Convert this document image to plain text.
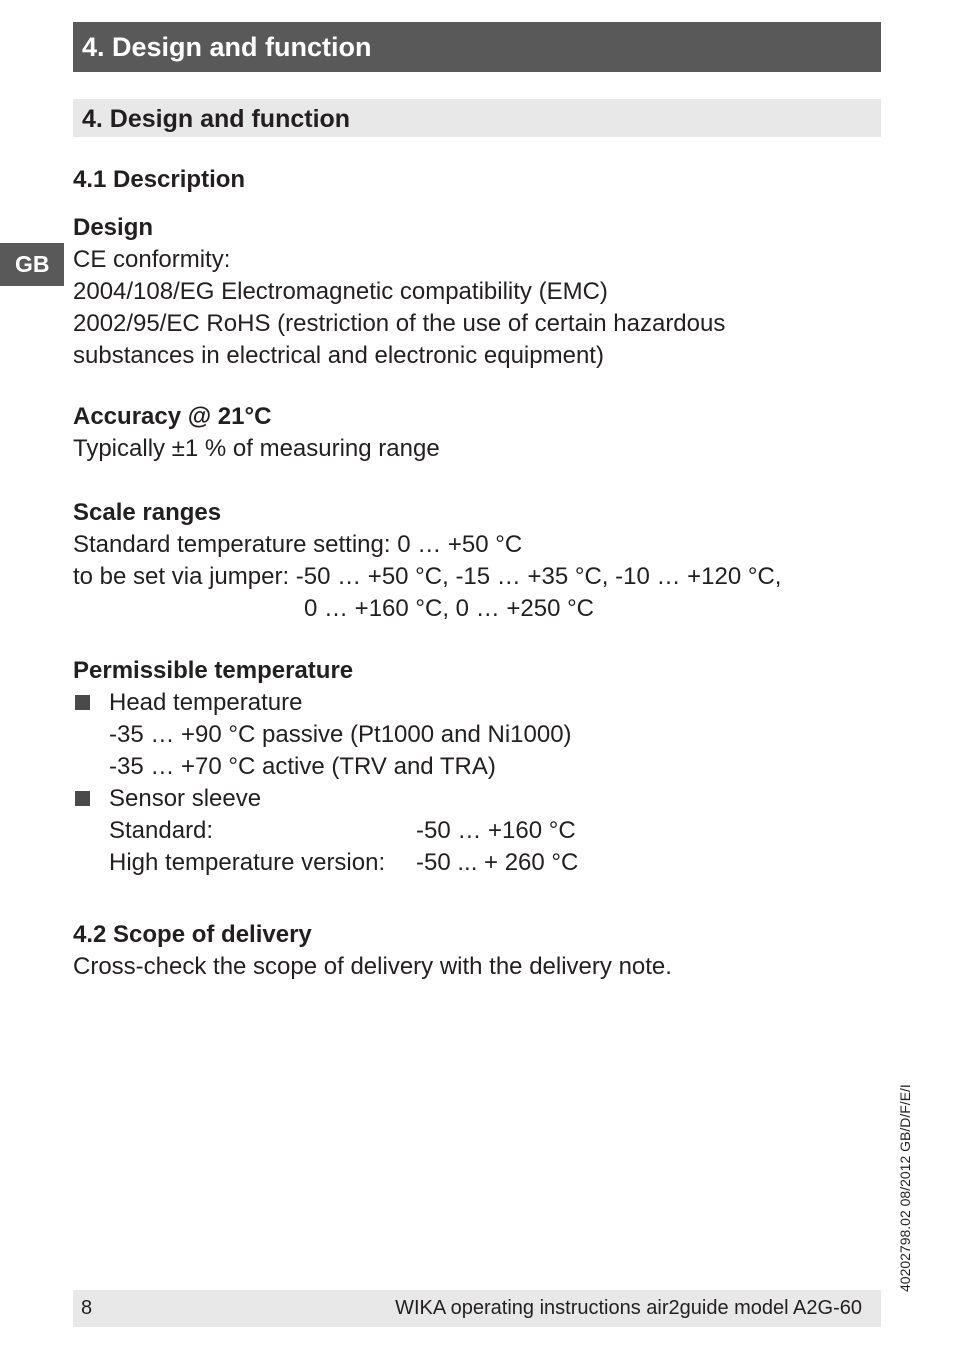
4. Design and function
4. Design and function
GB
4.1 Description
Design
CE conformity:
2004/108/EG Electromagnetic compatibility (EMC)
2002/95/EC RoHS (restriction of the use of certain hazardous
substances in electrical and electronic equipment)
Accuracy @ 21°C
Typically ±1 % of measuring range
Scale ranges
Standard temperature setting: 0 … +50 °C
to be set via jumper: -50 … +50 °C, -15 … +35 °C, -10 … +120 °C,
0 … +160 °C, 0 … +250 °C
Permissible temperature
Head temperature
-35 … +90 °C passive (Pt1000 and Ni1000)
-35 … +70 °C active (TRV and TRA)
Sensor sleeve
Standard:	-50 … +160 °C
High temperature version: -50 ... + 260 °C
4.2 Scope of delivery
Cross-check the scope of delivery with the delivery note.
40202798.02 08/2012 GB/D/F/E/I
8	WIKA operating instructions air2guide model A2G-60
